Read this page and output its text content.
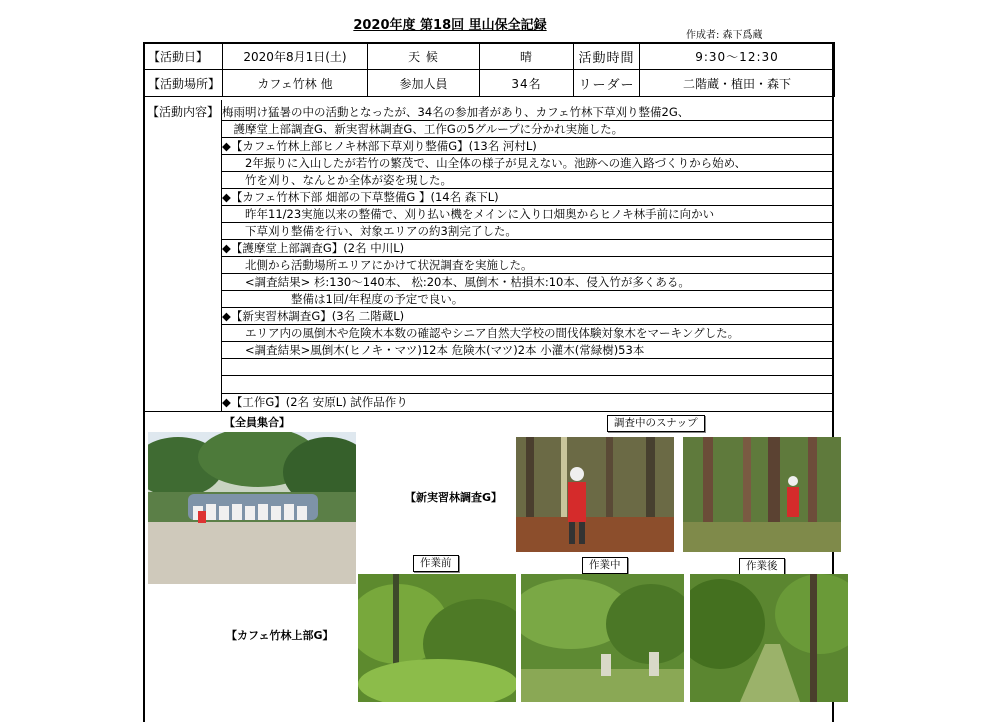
2020年度 第18回 里山保全記録
作成者: 森下爲蔵
【活動日】	2020年8月1日(土)	天 候	晴	活動時間	9:30〜12:30
【活動場所】	カフェ竹林 他	参加人員	34名	リーダー	二階蔵・植田・森下
【活動内容】 梅雨明け猛暑の中の活動となったが、34名の参加者があり、カフェ竹林下草刈り整備2G、
　護摩堂上部調査G、新実習林調査G、工作Gの5グループに分かれ実施した。
◆【カフェ竹林上部ヒノキ林部下草刈り整備G】(13名 河村L)
　　2年振りに入山したが若竹の繁茂で、山全体の様子が見えない。池跡への進入路づくりから始め、
　　竹を刈り、なんとか全体が姿を現した。
◆【カフェ竹林下部 畑部の下草整備G 】(14名 森下L)
　　昨年11/23実施以来の整備で、刈り払い機をメインに入り口畑奥からヒノキ林手前に向かい
　　下草刈り整備を行い、対象エリアの約3割完了した。
◆【護摩堂上部調査G】(2名 中川L)
　　北側から活動場所エリアにかけて状況調査を実施した。
　　<調査結果> 杉:130〜140本、 松:20本、風倒木・枯損木:10本、侵入竹が多くある。
　　　　　　整備は1回/年程度の予定で良い。
◆【新実習林調査G】(3名 二階蔵L)
　　エリア内の風倒木や危険木本数の確認やシニア自然大学校の間伐体験対象木をマーキングした。
　　<調査結果>風倒木(ヒノキ・マツ)12本 危険木(マツ)2本 小灌木(常緑樹)53本
◆【工作G】(2名 安原L) 試作品作り
【全員集合】	調査中のスナップ
【新実習林調査G】
作業前	作業中	作業後
【カフェ竹林上部G】
